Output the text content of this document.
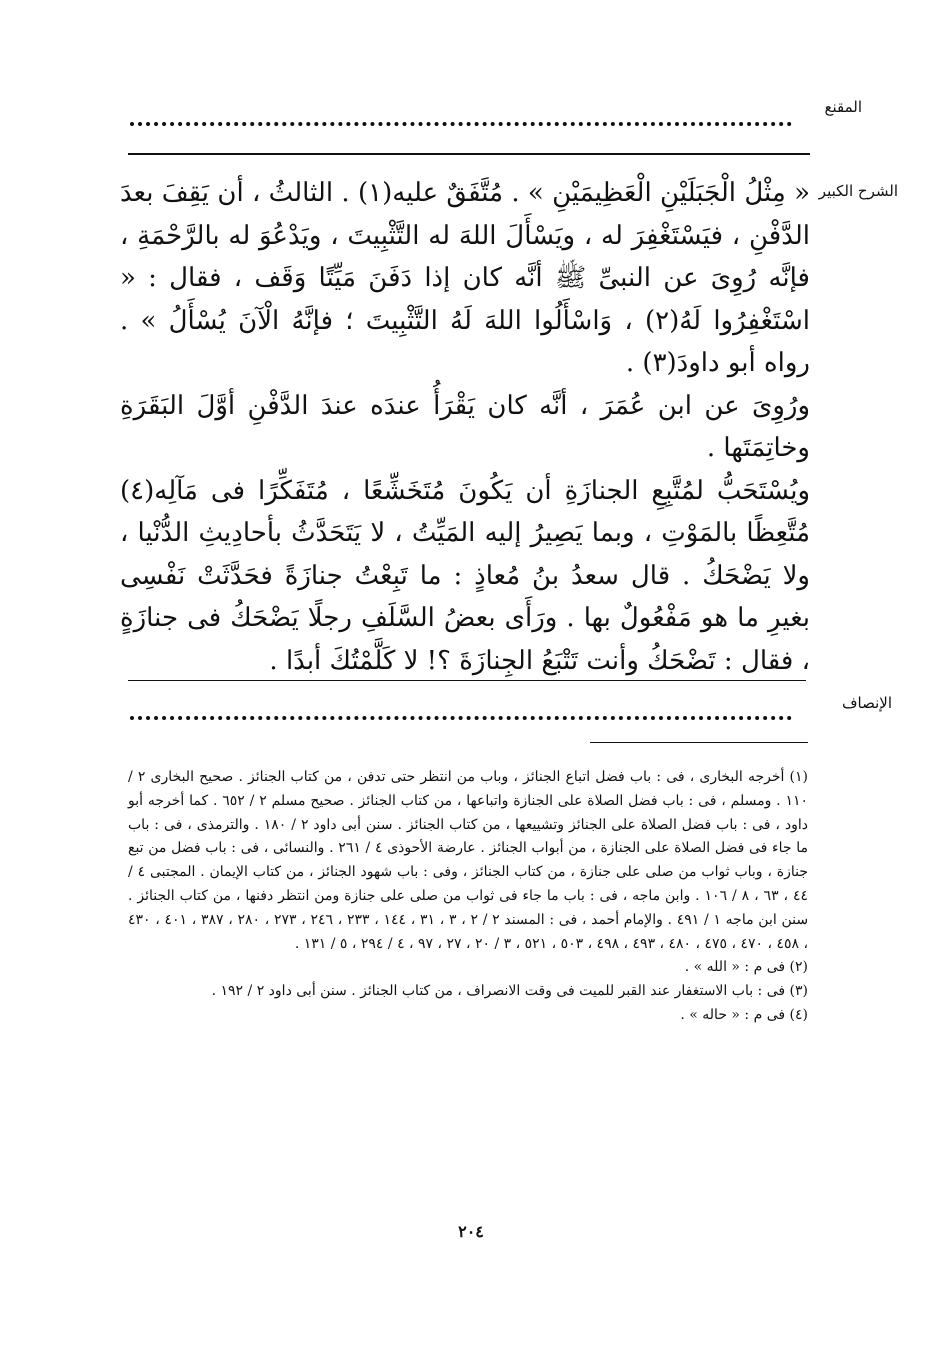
المقنع
الشرح الكبير

« مِثْلُ الْجَبَلَيْنِ الْعَظِيمَيْنِ » . مُتَّفَقٌ عليه(١) . الثالثُ ، أن يَقِفَ بعدَ الدَّفْنِ ، فيَسْتَغْفِرَ له ، ويَسْأَلَ اللهَ له التَّثْبِيتَ ، ويَدْعُوَ له بالرَّحْمَةِ ، فإنَّه رُوِىَ عن النبىِّ ﷺ أنَّه كان إذا دَفَنَ مَيِّتًا وَقَف ، فقال : « اسْتَغْفِرُوا لَهُ(٢) ، وَاسْأَلُوا اللهَ لَهُ التَّثْبِيتَ ؛ فإنَّهُ الْآنَ يُسْأَلُ » . رواه أبو داودَ(٣) .

ورُوِىَ عن ابن عُمَرَ ، أنَّه كان يَقْرَأُ عندَه عندَ الدَّفْنِ أوَّلَ البَقَرَةِ وخاتِمَتَها .

ويُسْتَحَبُّ لمُتَّبِعِ الجنازَةِ أن يَكُونَ مُتَخَشِّعًا ، مُتَفَكِّرًا فى مَآلِه(٤) مُتَّعِظًا بالمَوْتِ ، وبما يَصِيرُ إليه المَيِّتُ ، لا يَتَحَدَّثُ بأحادِيثِ الدُّنْيا ، ولا يَضْحَكُ . قال سعدُ بنُ مُعاذٍ : ما تَبِعْتُ جنازَةً فحَدَّثَتْ نَفْسِى بغيرِ ما هو مَفْعُولٌ بها . ورَأَى بعضُ السَّلَفِ رجلًا يَضْحَكُ فى جنازَةٍ ، فقال : تَضْحَكُ وأنت تَتْبَعُ الجِنازَةَ ؟! لا كَلَّمْتُكَ أبدًا .

الإنصاف

(١) أخرجه البخارى ، فى : باب فضل اتباع الجنائز ، وباب من انتظر حتى تدفن ، من كتاب الجنائز . صحيح البخارى ٢ / ١١٠ . ومسلم ، فى : باب فضل الصلاة على الجنازة واتباعها ، من كتاب الجنائز . صحيح مسلم ٢ / ٦٥٢ . كما أخرجه أبو داود ، فى : باب فضل الصلاة على الجنائز وتشييعها ، من كتاب الجنائز . سنن أبى داود ٢ / ١٨٠ . والترمذى ، فى : باب ما جاء فى فضل الصلاة على الجنازة ، من أبواب الجنائز . عارضة الأحوذى ٤ / ٢٦١ . والنسائى ، فى : باب فضل من تبع جنازة ، وباب ثواب من صلى على جنازة ، من كتاب الجنائز ، وفى : باب شهود الجنائز ، من كتاب الإيمان . المجتبى ٤ / ٤٤ ، ٦٣ ، ٨ / ١٠٦ . وابن ماجه ، فى : باب ما جاء فى ثواب من صلى على جنازة ومن انتظر دفنها ، من كتاب الجنائز . سنن ابن ماجه ١ / ٤٩١ . والإمام أحمد ، فى : المسند ٢ / ٢ ، ٣ ، ٣١ ، ١٤٤ ، ٢٣٣ ، ٢٤٦ ، ٢٧٣ ، ٢٨٠ ، ٣٨٧ ، ٤٠١ ، ٤٣٠ ، ٤٥٨ ، ٤٧٠ ، ٤٧٥ ، ٤٨٠ ، ٤٩٣ ، ٤٩٨ ، ٥٠٣ ، ٥٢١ ، ٣ / ٢٠ ، ٢٧ ، ٩٧ ، ٤ / ٢٩٤ ، ٥ / ١٣١ .

(٢) فى م : « الله » .

(٣) فى : باب الاستغفار عند القبر للميت فى وقت الانصراف ، من كتاب الجنائز . سنن أبى داود ٢ / ١٩٢ .

(٤) فى م : « حاله » .

٢٠٤
